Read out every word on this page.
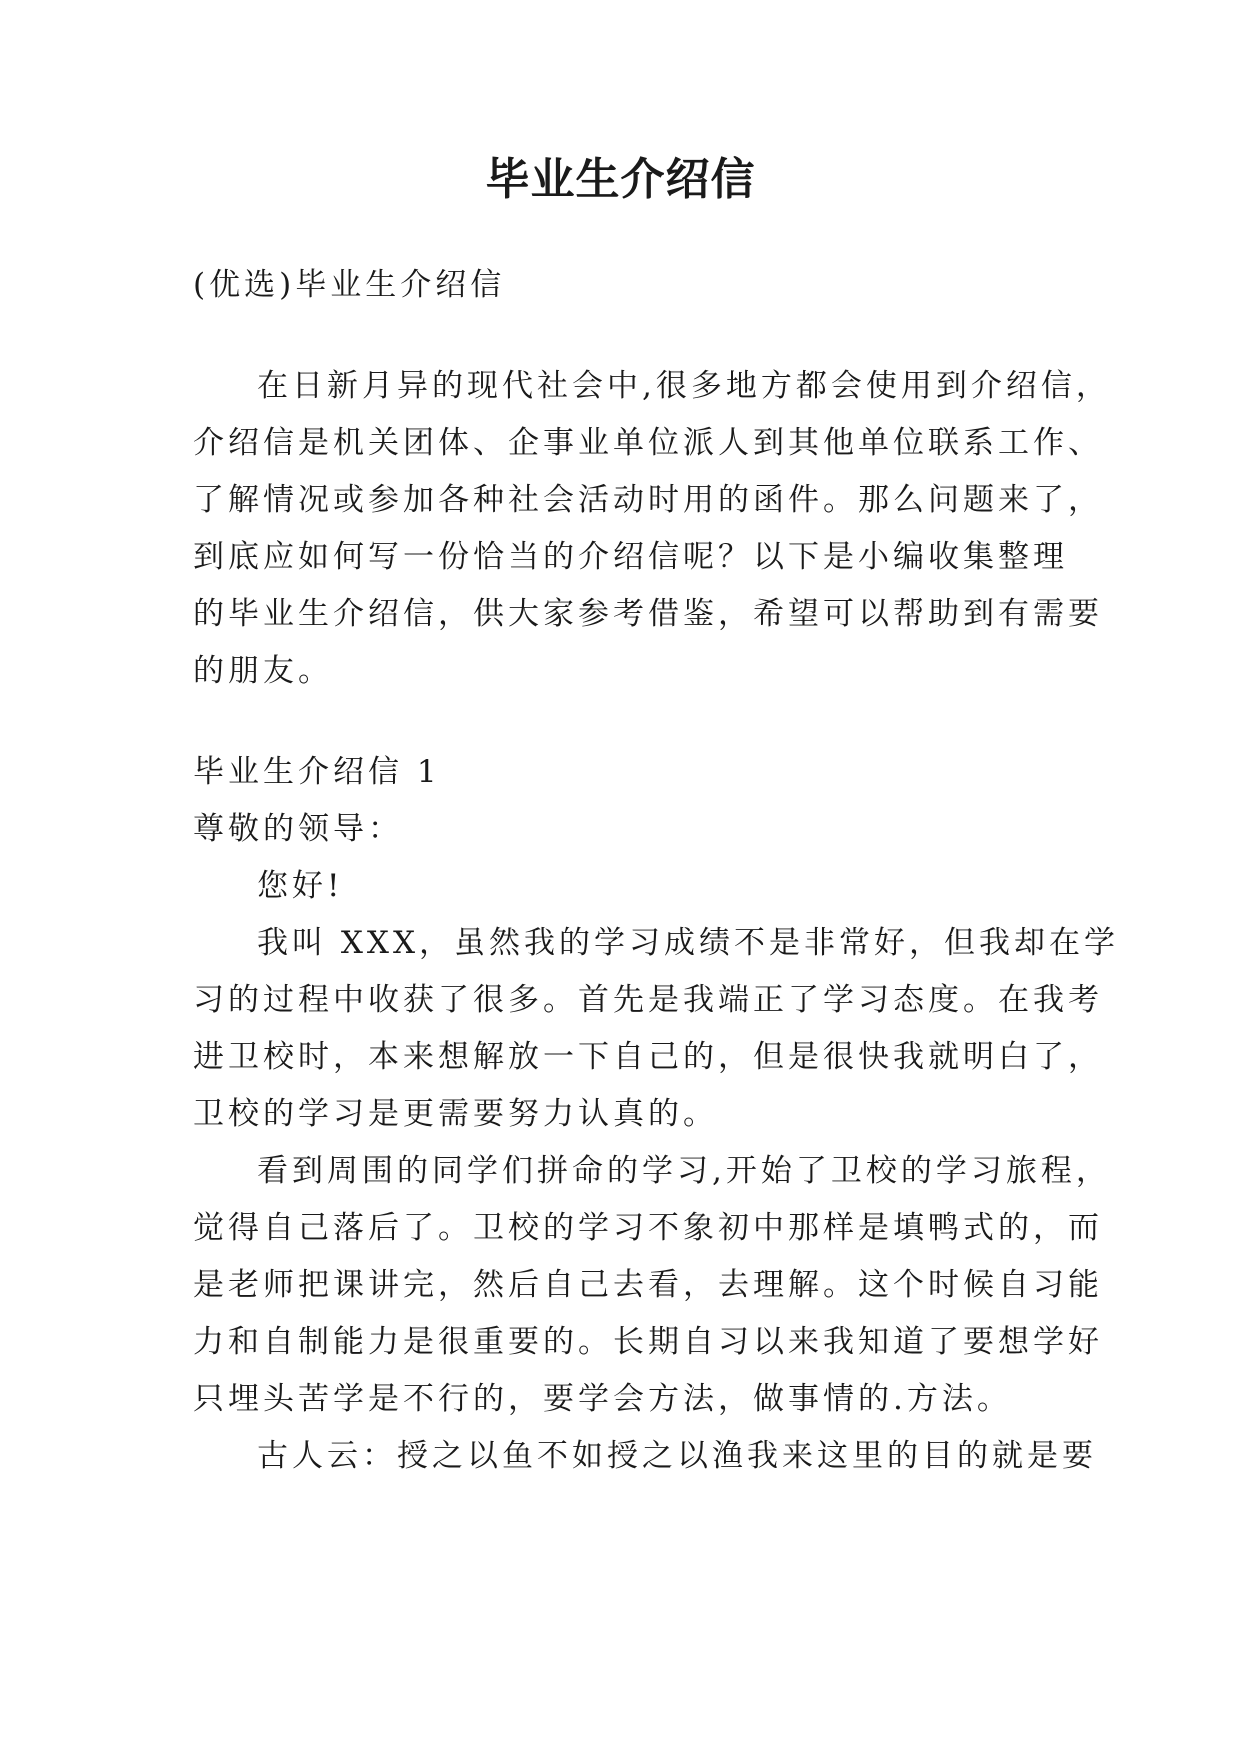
毕业生介绍信
(优选)毕业生介绍信
在日新月异的现代社会中,很多地方都会使用到介绍信，
介绍信是机关团体、企事业单位派人到其他单位联系工作、
了解情况或参加各种社会活动时用的函件。那么问题来了，
到底应如何写一份恰当的介绍信呢？以下是小编收集整理
的毕业生介绍信，供大家参考借鉴，希望可以帮助到有需要
的朋友。
毕业生介绍信 1
尊敬的领导：
您好!
我叫 XXX，虽然我的学习成绩不是非常好，但我却在学
习的过程中收获了很多。首先是我端正了学习态度。在我考
进卫校时，本来想解放一下自己的，但是很快我就明白了，
卫校的学习是更需要努力认真的。
看到周围的同学们拼命的学习,开始了卫校的学习旅程，
觉得自己落后了。卫校的学习不象初中那样是填鸭式的，而
是老师把课讲完，然后自己去看，去理解。这个时候自习能
力和自制能力是很重要的。长期自习以来我知道了要想学好
只埋头苦学是不行的，要学会方法，做事情的.方法。
古人云：授之以鱼不如授之以渔我来这里的目的就是要
